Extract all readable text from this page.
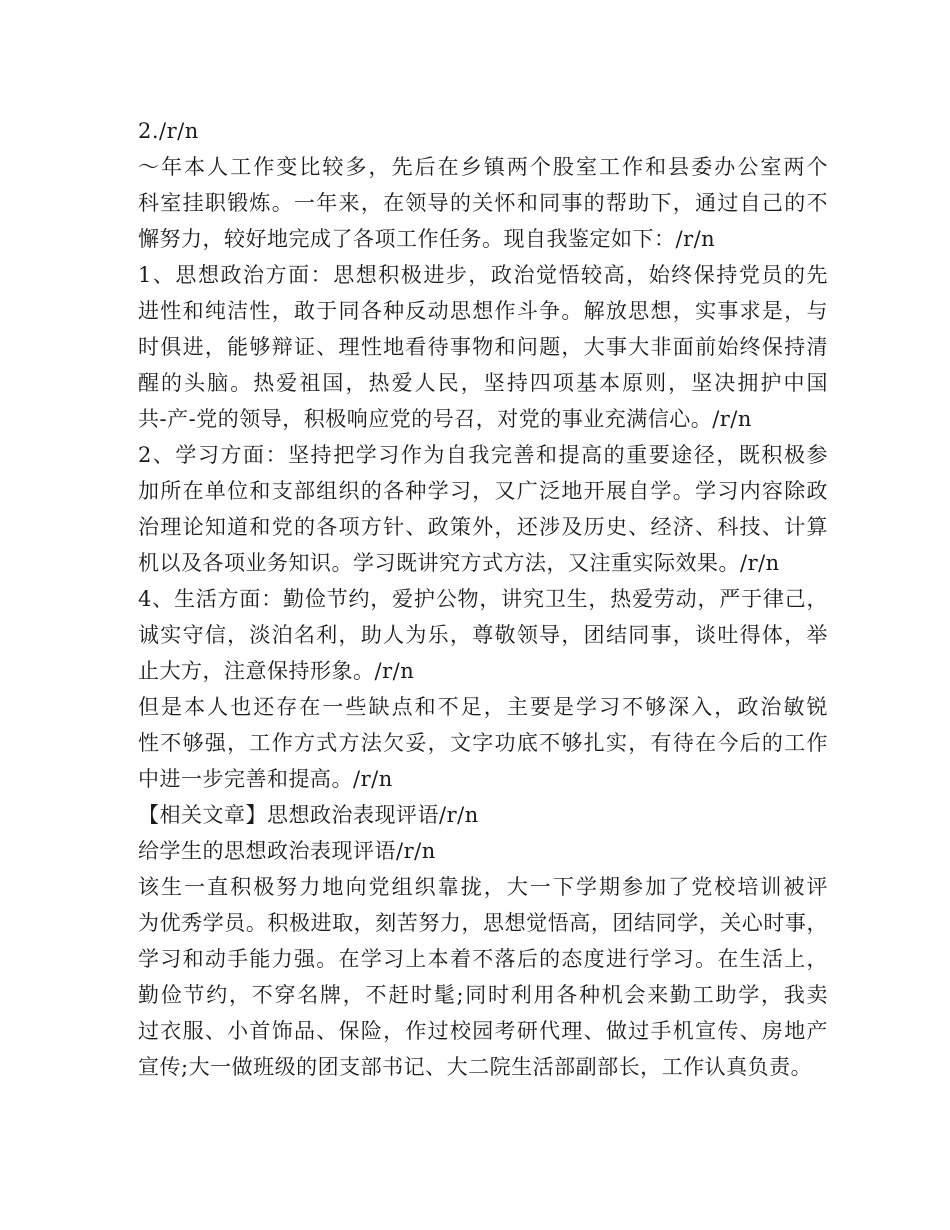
2./r/n
～年本人工作变比较多，先后在乡镇两个股室工作和县委办公室两个
科室挂职锻炼。一年来，在领导的关怀和同事的帮助下，通过自己的不
懈努力，较好地完成了各项工作任务。现自我鉴定如下：/r/n
1、思想政治方面：思想积极进步，政治觉悟较高，始终保持党员的先
进性和纯洁性，敢于同各种反动思想作斗争。解放思想，实事求是，与
时俱进，能够辩证、理性地看待事物和问题，大事大非面前始终保持清
醒的头脑。热爱祖国，热爱人民，坚持四项基本原则，坚决拥护中国
共-产-党的领导，积极响应党的号召，对党的事业充满信心。/r/n
2、学习方面：坚持把学习作为自我完善和提高的重要途径，既积极参
加所在单位和支部组织的各种学习，又广泛地开展自学。学习内容除政
治理论知道和党的各项方针、政策外，还涉及历史、经济、科技、计算
机以及各项业务知识。学习既讲究方式方法，又注重实际效果。/r/n
4、生活方面：勤俭节约，爱护公物，讲究卫生，热爱劳动，严于律己，
诚实守信，淡泊名利，助人为乐，尊敬领导，团结同事，谈吐得体，举
止大方，注意保持形象。/r/n
但是本人也还存在一些缺点和不足，主要是学习不够深入，政治敏锐
性不够强，工作方式方法欠妥，文字功底不够扎实，有待在今后的工作
中进一步完善和提高。/r/n
【相关文章】思想政治表现评语/r/n
给学生的思想政治表现评语/r/n
该生一直积极努力地向党组织靠拢，大一下学期参加了党校培训被评
为优秀学员。积极进取，刻苦努力，思想觉悟高，团结同学，关心时事，
学习和动手能力强。在学习上本着不落后的态度进行学习。在生活上，
勤俭节约，不穿名牌，不赶时髦;同时利用各种机会来勤工助学，我卖
过衣服、小首饰品、保险，作过校园考研代理、做过手机宣传、房地产
宣传;大一做班级的团支部书记、大二院生活部副部长，工作认真负责。
